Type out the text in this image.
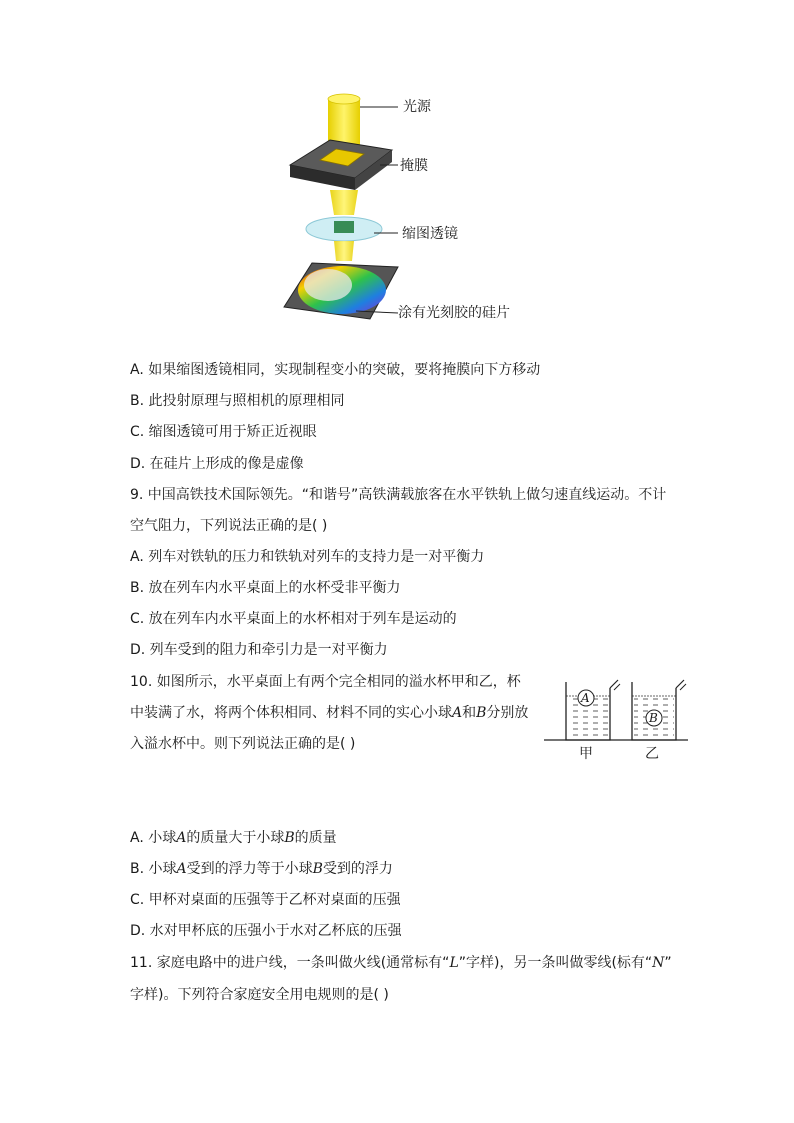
光源
掩膜
缩图透镜
涂有光刻胶的硅片
A. 如果缩图透镜相同，实现制程变小的突破，要将掩膜向下方移动
B. 此投射原理与照相机的原理相同
C. 缩图透镜可用于矫正近视眼
D. 在硅片上形成的像是虚像
9. 中国高铁技术国际领先。“和谐号”高铁满载旅客在水平铁轨上做匀速直线运动。不计
空气阻力，下列说法正确的是( )
A. 列车对铁轨的压力和铁轨对列车的支持力是一对平衡力
B. 放在列车内水平桌面上的水杯受非平衡力
C. 放在列车内水平桌面上的水杯相对于列车是运动的
D. 列车受到的阻力和牵引力是一对平衡力
10. 如图所示，水平桌面上有两个完全相同的溢水杯甲和乙，杯
中装满了水，将两个体积相同、材料不同的实心小球A和B分别放
入溢水杯中。则下列说法正确的是( )
A
B
甲	乙
A. 小球A的质量大于小球B的质量
B. 小球A受到的浮力等于小球B受到的浮力
C. 甲杯对桌面的压强等于乙杯对桌面的压强
D. 水对甲杯底的压强小于水对乙杯底的压强
11. 家庭电路中的进户线，一条叫做火线(通常标有“L”字样)，另一条叫做零线(标有“N”
字样)。下列符合家庭安全用电规则的是( )
